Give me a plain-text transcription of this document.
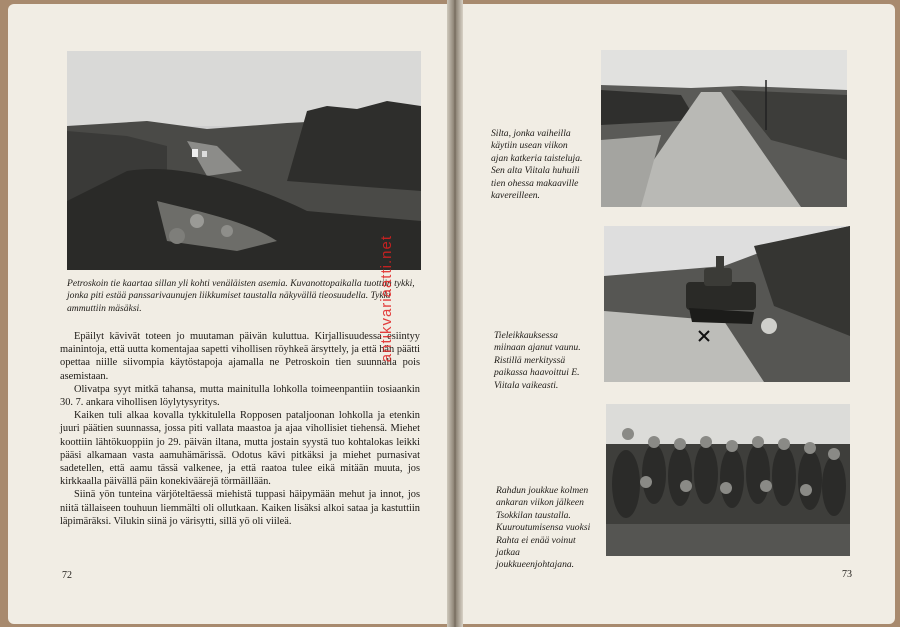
Petroskoin tie kaartaa sillan yli kohti venäläisten asemia. Kuvanottopaikalla tuottiin tykki, jonka piti estää panssarivaunujen liikkumiset taustalla näkyvällä tieosuudella. Tykki ammuttiin mäsäksi.

Epäilyt kävivät toteen jo muutaman päivän kuluttua. Kirjallisuudessa esiintyy mainintoja, että uutta komentajaa sapetti vihollisen röyhkeä ärsyttely, ja että hän päätti opettaa niille siivompia käytöstapoja ajamalla ne Petroskoin tien suunnalla pois asemistaan.

Olivatpa syyt mitkä tahansa, mutta mainitulla lohkolla toimeenpantiin tosiaankin 30. 7. ankara vihollisen löylytysyritys.

Kaiken tuli alkaa kovalla tykkitulella Ropposen pataljoonan lohkolla ja etenkin juuri päätien suunnassa, jossa piti vallata maastoa ja ajaa vihollisiet tiehensä. Miehet koottiin lähtökuoppiin jo 29. päivän iltana, mutta jostain syystä tuo kohtalokas leikki pääsi alkamaan vasta aamuhämärissä. Odotus kävi pitkäksi ja miehet purnasivat sadetellen, että aamu tässä valkenee, ja että raatoa tulee eikä mitään muuta, jos kirkkaalla päivällä päin konekiväärejä törmäillään.

Siinä yön tunteina värjöteltäessä miehistä tuppasi häipymään mehut ja innot, jos niitä tällaiseen touhuun liemmälti oli ollutkaan. Kaiken lisäksi alkoi sataa ja kastuttiin läpimäräksi. Vilukin siinä jo värisytti, sillä yö oli viileä.

72
antikvariaatti.net
Silta, jonka vaiheilla käytiin usean viikon ajan katkeria taisteluja. Sen alta Viitala huhuili tien ohessa makaaville kavereilleen.
Tieleikkauksessa miinaan ajanut vaunu. Ristillä merkityssä paikassa haavoittui E. Viitala vaikeasti.
Rahdun joukkue kolmen ankaran viikon jälkeen Tsokkilan taustalla. Kuuroutumisensa vuoksi Rahta ei enää voinut jatkaa joukkueenjohtajana.
73
